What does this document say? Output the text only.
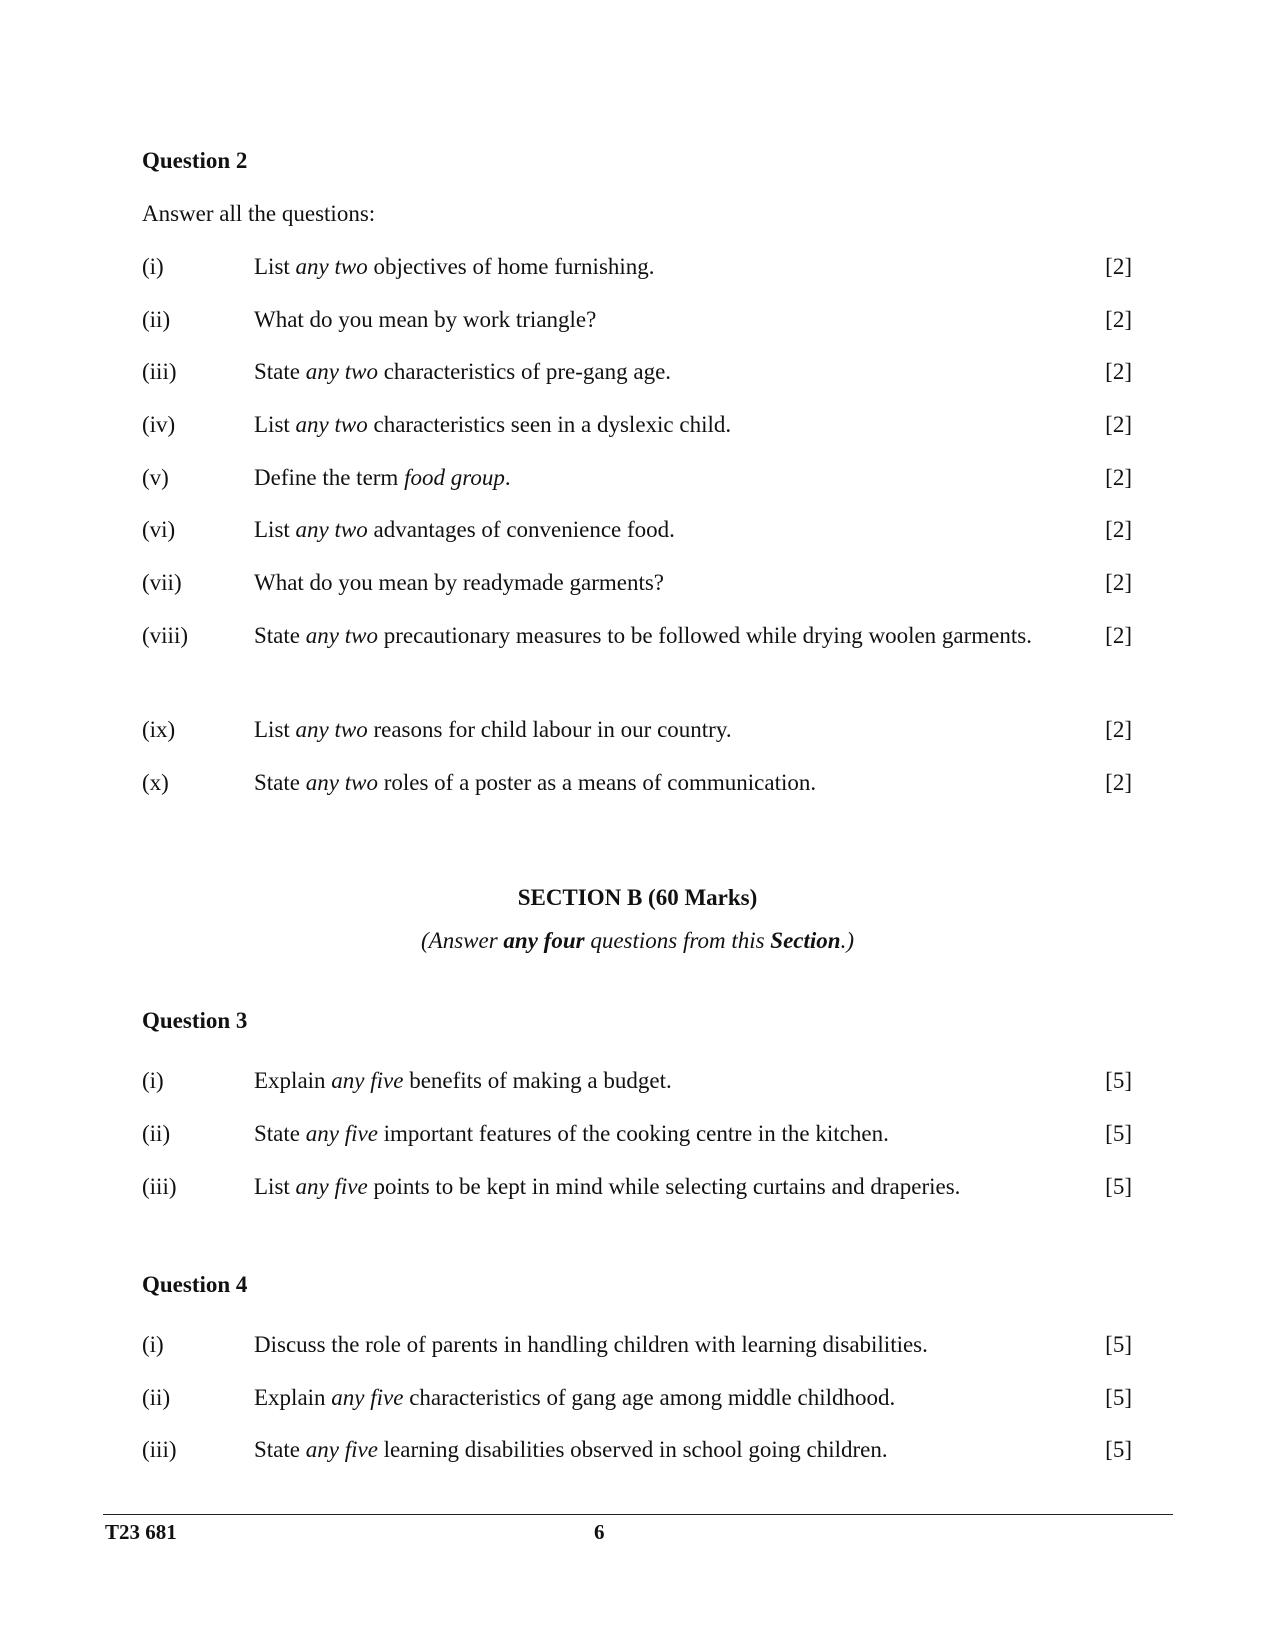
Question 2
Answer all the questions:
(i)	List any two objectives of home furnishing.	[2]
(ii)	What do you mean by work triangle?	[2]
(iii)	State any two characteristics of pre-gang age.	[2]
(iv)	List any two characteristics seen in a dyslexic child.	[2]
(v)	Define the term food group.	[2]
(vi)	List any two advantages of convenience food.	[2]
(vii)	What do you mean by readymade garments?	[2]
(viii)	State any two precautionary measures to be followed while drying woolen garments.	[2]
(ix)	List any two reasons for child labour in our country.	[2]
(x)	State any two roles of a poster as a means of communication.	[2]
SECTION B (60 Marks)
(Answer any four questions from this Section.)
Question 3
(i)	Explain any five benefits of making a budget.	[5]
(ii)	State any five important features of the cooking centre in the kitchen.	[5]
(iii)	List any five points to be kept in mind while selecting curtains and draperies.	[5]
Question 4
(i)	Discuss the role of parents in handling children with learning disabilities.	[5]
(ii)	Explain any five characteristics of gang age among middle childhood.	[5]
(iii)	State any five learning disabilities observed in school going children.	[5]
T23 681	6
